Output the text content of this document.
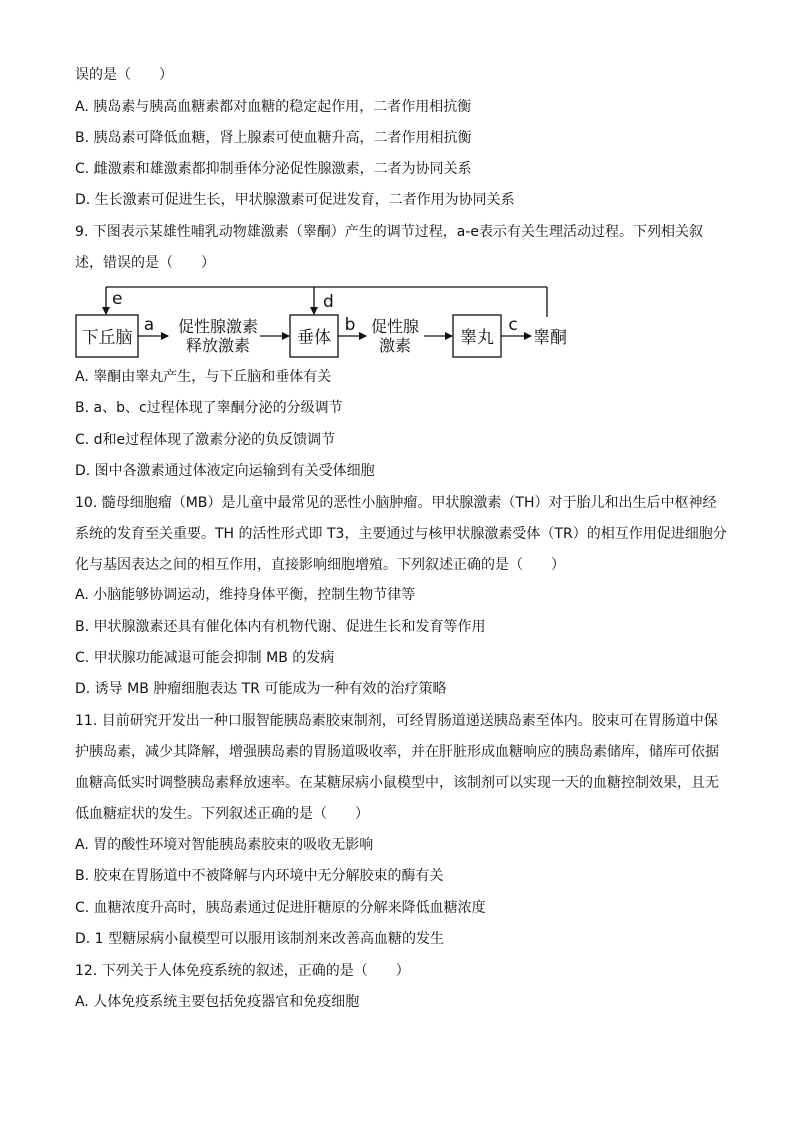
误的是（　　）
A. 胰岛素与胰高血糖素都对血糖的稳定起作用，二者作用相抗衡
B. 胰岛素可降低血糖，肾上腺素可使血糖升高，二者作用相抗衡
C. 雌激素和雄激素都抑制垂体分泌促性腺激素，二者为协同关系
D. 生长激素可促进生长，甲状腺激素可促进发育，二者作用为协同关系
9. 下图表示某雄性哺乳动物雄激素（睾酮）产生的调节过程，a-e表示有关生理活动过程。下列相关叙
述，错误的是（　　）
下丘脑	垂体	睾丸 睾酮
促性腺激素
释放激素
促性腺
激素
a	b	c
d
e
A. 睾酮由睾丸产生，与下丘脑和垂体有关
B. a、b、c过程体现了睾酮分泌的分级调节
C. d和e过程体现了激素分泌的负反馈调节
D. 图中各激素通过体液定向运输到有关受体细胞
10. 髓母细胞瘤（MB）是儿童中最常见的恶性小脑肿瘤。甲状腺激素（TH）对于胎儿和出生后中枢神经
系统的发育至关重要。TH 的活性形式即 T3，主要通过与核甲状腺激素受体（TR）的相互作用促进细胞分
化与基因表达之间的相互作用，直接影响细胞增殖。下列叙述正确的是（　　）
A. 小脑能够协调运动，维持身体平衡，控制生物节律等
B. 甲状腺激素还具有催化体内有机物代谢、促进生长和发育等作用
C. 甲状腺功能减退可能会抑制 MB 的发病
D. 诱导 MB 肿瘤细胞表达 TR 可能成为一种有效的治疗策略
11. 目前研究开发出一种口服智能胰岛素胶束制剂，可经胃肠道递送胰岛素至体内。胶束可在胃肠道中保
护胰岛素，减少其降解，增强胰岛素的胃肠道吸收率，并在肝脏形成血糖响应的胰岛素储库，储库可依据
血糖高低实时调整胰岛素释放速率。在某糖尿病小鼠模型中，该制剂可以实现一天的血糖控制效果，且无
低血糖症状的发生。下列叙述正确的是（　　）
A. 胃的酸性环境对智能胰岛素胶束的吸收无影响
B. 胶束在胃肠道中不被降解与内环境中无分解胶束的酶有关
C. 血糖浓度升高时，胰岛素通过促进肝糖原的分解来降低血糖浓度
D. 1 型糖尿病小鼠模型可以服用该制剂来改善高血糖的发生
12. 下列关于人体免疫系统的叙述，正确的是（　　）
A. 人体免疫系统主要包括免疫器官和免疫细胞
